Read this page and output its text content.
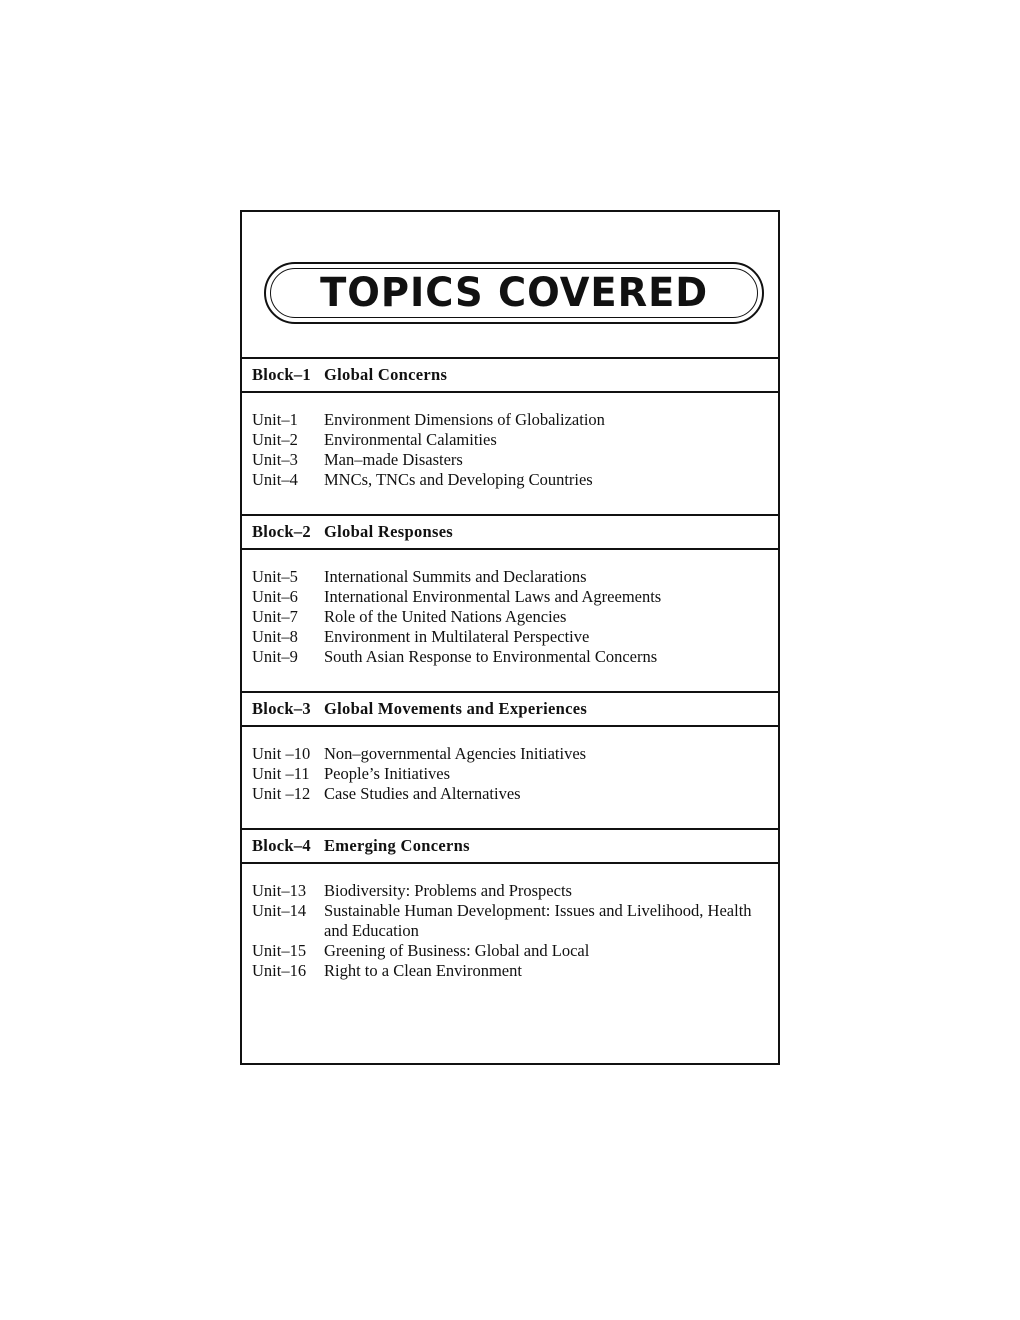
TOPICS COVERED
Block–1 Global Concerns
Unit–1	Environment Dimensions of Globalization
Unit–2	Environmental Calamities
Unit–3	Man–made Disasters
Unit–4	MNCs, TNCs and Developing Countries
Block–2 Global Responses
Unit–5	International Summits and Declarations
Unit–6	International Environmental Laws and Agreements
Unit–7	Role of the United Nations Agencies
Unit–8	Environment in Multilateral Perspective
Unit–9	South Asian Response to Environmental Concerns
Block–3 Global Movements and Experiences
Unit –10 Non–governmental Agencies Initiatives
Unit –11 People’s Initiatives
Unit –12 Case Studies and Alternatives
Block–4 Emerging Concerns
Unit–13	Biodiversity: Problems and Prospects
Unit–14	Sustainable Human Development: Issues and Livelihood, Health and Education
Unit–15	Greening of Business: Global and Local
Unit–16	Right to a Clean Environment
